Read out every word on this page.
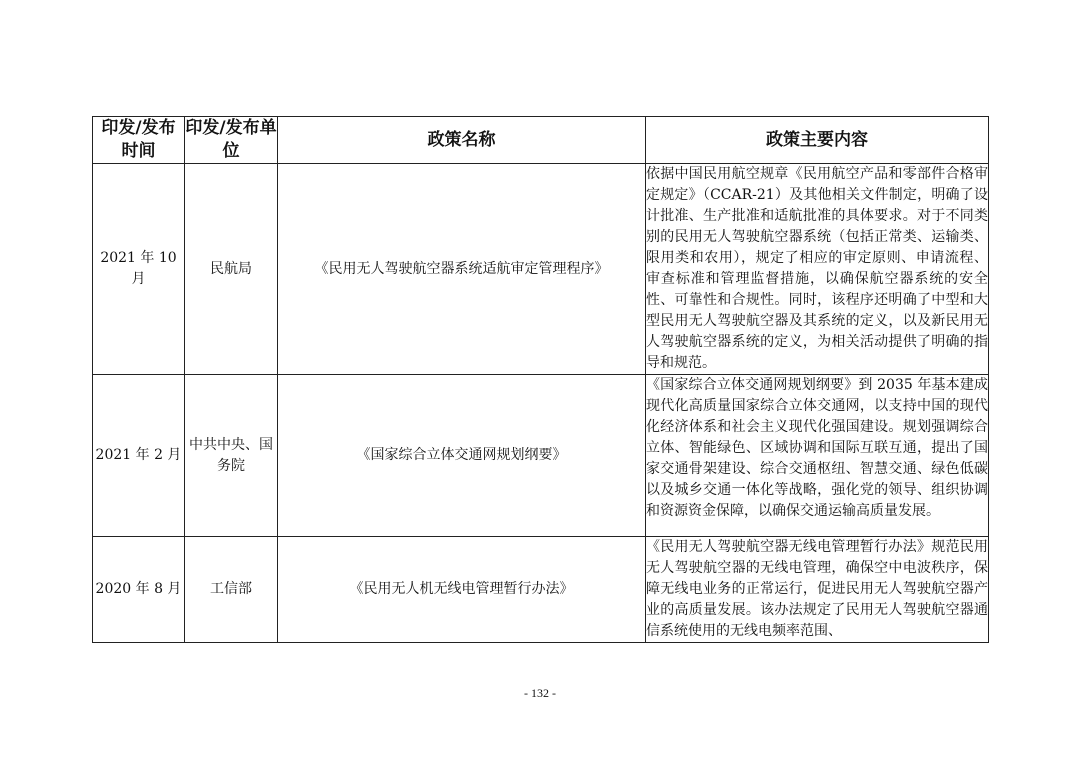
印发/发布时间	印发/发布单位	政策名称	政策主要内容
2021 年 10 月	民航局	《民用无人驾驶航空器系统适航审定管理程序》	依据中国民用航空规章《民用航空产品和零部件合格审定规定》（CCAR-21）及其他相关文件制定，明确了设计批准、生产批准和适航批准的具体要求。对于不同类别的民用无人驾驶航空器系统（包括正常类、运输类、限用类和农用），规定了相应的审定原则、申请流程、审查标准和管理监督措施，以确保航空器系统的安全性、可靠性和合规性。同时，该程序还明确了中型和大型民用无人驾驶航空器及其系统的定义，以及新民用无人驾驶航空器系统的定义，为相关活动提供了明确的指导和规范。
2021 年 2 月	中共中央、国务院	《国家综合立体交通网规划纲要》	《国家综合立体交通网规划纲要》到 2035 年基本建成现代化高质量国家综合立体交通网，以支持中国的现代化经济体系和社会主义现代化强国建设。规划强调综合立体、智能绿色、区域协调和国际互联互通，提出了国家交通骨架建设、综合交通枢纽、智慧交通、绿色低碳以及城乡交通一体化等战略，强化党的领导、组织协调和资源资金保障，以确保交通运输高质量发展。
2020 年 8 月	工信部	《民用无人机无线电管理暂行办法》	《民用无人驾驶航空器无线电管理暂行办法》规范民用无人驾驶航空器的无线电管理，确保空中电波秩序，保障无线电业务的正常运行，促进民用无人驾驶航空器产业的高质量发展。该办法规定了民用无人驾驶航空器通信系统使用的无线电频率范围、
- 132 -
